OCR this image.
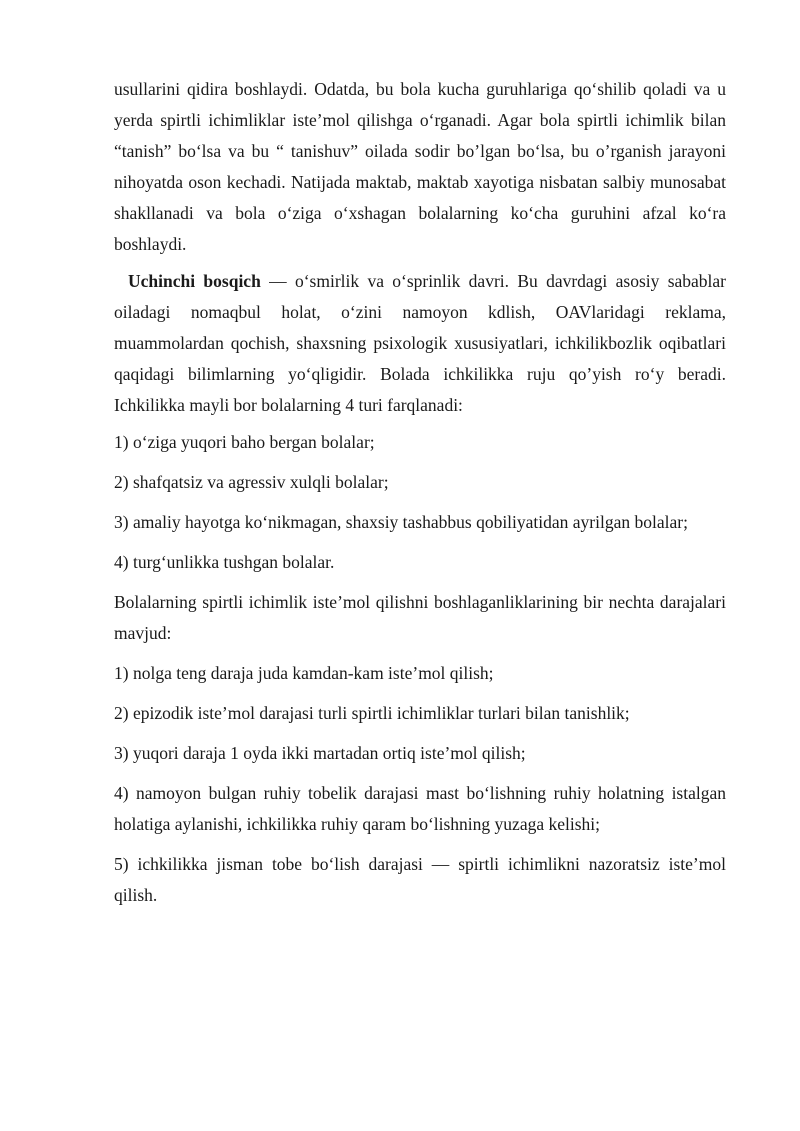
usullarini qidira boshlaydi. Odatda, bu bola kucha guruhlariga qo‘shilib qoladi va u yerda spirtli ichimliklar iste’mol qilishga o‘rganadi. Agar bola spirtli ichimlik bilan “tanish” bo‘lsa va bu “ tanishuv” oilada sodir bo’lgan bo‘lsa, bu o’rganish jarayoni nihoyatda oson kechadi. Natijada maktab, maktab xayotiga nisbatan salbiy munosabat shakllanadi va bola o‘ziga o‘xshagan bolalarning ko‘cha guruhini afzal ko‘ra boshlaydi.

Uchinchi bosqich — o‘smirlik va o‘sprinlik davri. Bu davrdagi asosiy sabablar oiladagi nomaqbul holat, o‘zini namoyon kdlish, OAVlaridagi reklama, muammolardan qochish, shaxsning psixologik xususiyatlari, ichkilikbozlik oqibatlari qaqidagi bilimlarning yo‘qligidir. Bolada ichkilikka ruju qo’yish ro‘y beradi. Ichkilikka mayli bor bolalarning 4 turi farqlanadi:

1) o‘ziga yuqori baho bergan bolalar;

2) shafqatsiz va agressiv xulqli bolalar;

3) amaliy hayotga ko‘nikmagan, shaxsiy tashabbus qobiliyatidan ayrilgan bolalar;

4) turg‘unlikka tushgan bolalar.

Bolalarning spirtli ichimlik iste’mol qilishni boshlaganliklarining bir nechta darajalari mavjud:

1) nolga teng daraja juda kamdan-kam iste’mol qilish;

2) epizodik iste’mol darajasi turli spirtli ichimliklar turlari bilan tanishlik;

3) yuqori daraja 1 oyda ikki martadan ortiq iste’mol qilish;

4) namoyon bulgan ruhiy tobelik darajasi mast bo‘lishning ruhiy holatning istalgan holatiga aylanishi, ichkilikka ruhiy qaram bo‘lishning yuzaga kelishi;

5) ichkilikka jisman tobe bo‘lish darajasi — spirtli ichimlikni nazoratsiz iste’mol qilish.
